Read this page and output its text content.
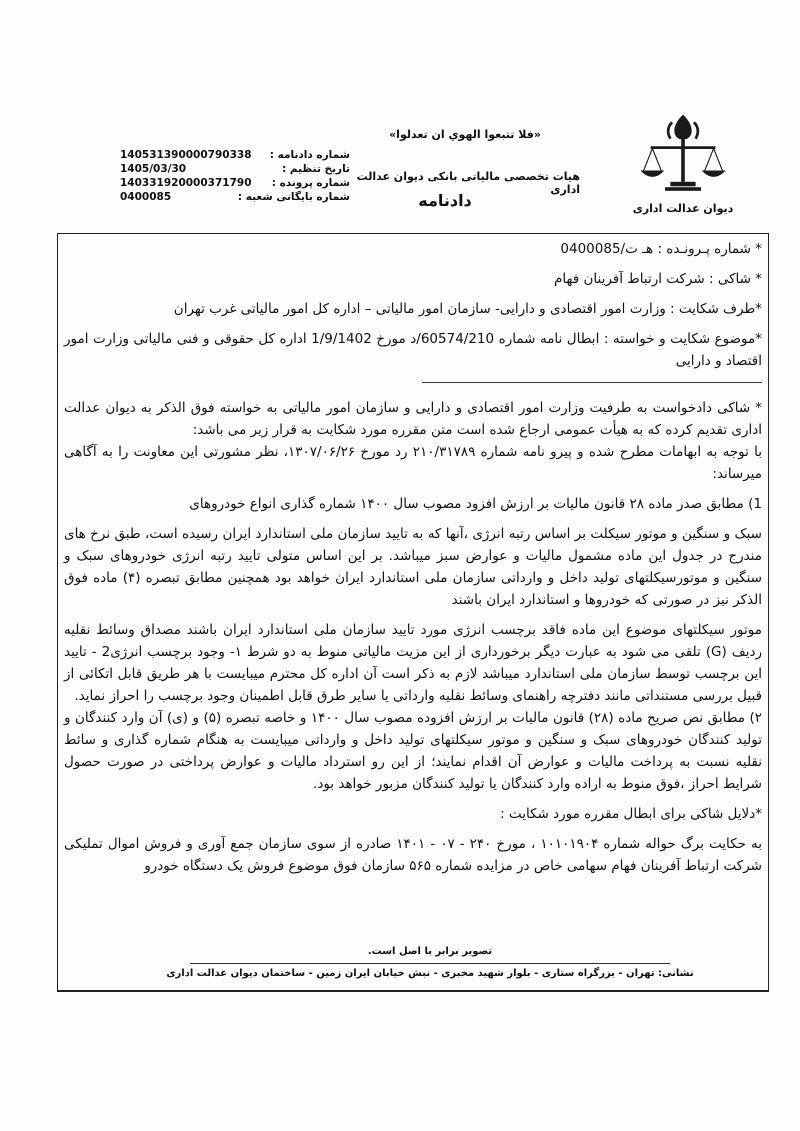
دیوان عدالت اداری
«فلا تتبعوا الهوي ان تعدلوا»
هیات تخصصی مالیاتی بانکی دیوان عدالت اداری
دادنامه
شماره دادنامه :
140531390000790338
تاریخ تنظیم :
1405/03/30
شماره پرونده :
140331920000371790
شماره بایگانی شعبه :
0400085

* شماره پـرونـده : هـ ت/0400085

* شاکی : شرکت ارتباط آفرینان فهام

*طرف شکایت : وزارت امور اقتصادی و دارایی- سازمان امور مالیاتی – اداره کل امور مالیاتی غرب تهران

*موضوع شکایت و خواسته : ابطال نامه شماره 60574/210/د مورخ 1/9/1402 اداره کل حقوقی و فنی مالیاتی وزارت امور اقتصاد و دارایی

* شاکی دادخواست به طرفیت وزارت امور اقتصادی و دارایی و سازمان امور مالیاتی به خواسته فوق الذکر به دیوان عدالت اداری تقدیم کرده که به هیأت عمومی ارجاع شده است متن مقرره مورد شکایت به قرار زیر می باشد:

با توجه به ابهامات مطرح شده و پیرو نامه شماره ۲۱۰/۳۱۷۸۹ رد مورخ ۱۳۰۷/۰۶/۲۶، نظر مشورتی این معاونت را به آگاهی میرساند:

1) مطابق صدر ماده ۲۸ قانون مالیات بر ارزش افزود مصوب سال ۱۴۰۰ شماره گذاری انواع خودروهای

سبک و سنگین و موتور سیکلت بر اساس رتبه انرژی ،آنها که به تایید سازمان ملی استاندارد ایران رسیده است، طبق نرخ های مندرج در جدول این ماده مشمول مالیات و عوارض سبز میباشد. بر این اساس متولی تایید رتبه انرژی خودروهای سبک و سنگین و موتورسیکلتهای تولید داخل و وارداتی سازمان ملی استاندارد ایران خواهد بود همچنین مطابق تبصره (۴) ماده فوق الذکر نیز در صورتی که خودروها و استاندارد ایران باشند

موتور سیکلتهای موضوع این ماده فاقد برچسب انرژی مورد تایید سازمان ملی استاندارد ایران باشند مصداق وسائط نقلیه ردیف (G) تلقی می شود به عبارت دیگر برخورداری از این مزیت مالیاتی منوط به دو شرط ۱- وجود برچسب انرژی2 - تایید این برچسب توسط سازمان ملی استاندارد میباشد لازم به ذکر است آن اداره کل محترم میبایست با هر طریق قابل اتکائی از قبیل بررسی مستنداتی مانند دفترچه راهنمای وسائط نقلیه وارداتی یا سایر طرق قابل اطمینان وجود برچسب را احراز نماید.

۲) مطابق نص صریح ماده (۲۸) قانون مالیات بر ارزش افزوده مصوب سال ۱۴۰۰ و خاصه تبصره (۵) و (ی) آن وارد کنندگان و تولید کنندگان خودروهای سبک و سنگین و موتور سیکلتهای تولید داخل و وارداتی میبایست به هنگام شماره گذاری و سائط نقلیه نسبت به پرداخت مالیات و عوارض آن اقدام نمایند؛ از این رو استرداد مالیات و عوارض پرداختی در صورت حصول شرایط احراز ،فوق منوط به اراده وارد کنندگان یا تولید کنندگان مزبور خواهد بود.

*دلایل شاکی برای ابطال مقرره مورد شکایت :

به حکایت برگ حواله شماره ۱۰۱۰۱۹۰۴ ، مورخ ۲۴۰ - ۰۷ - ۱۴۰۱ صادره از سوی سازمان جمع آوری و فروش اموال تملیکی شرکت ارتباط آفرینان فهام سهامی خاص در مزایده شماره ۵۶۵ سازمان فوق موضوع فروش یک دستگاه خودرو

تصویر برابر با اصل است.
نشانی: تهران - بزرگراه ستاری - بلوار شهید مخبری - نبش خیابان ایران زمین - ساختمان دیوان عدالت اداری
